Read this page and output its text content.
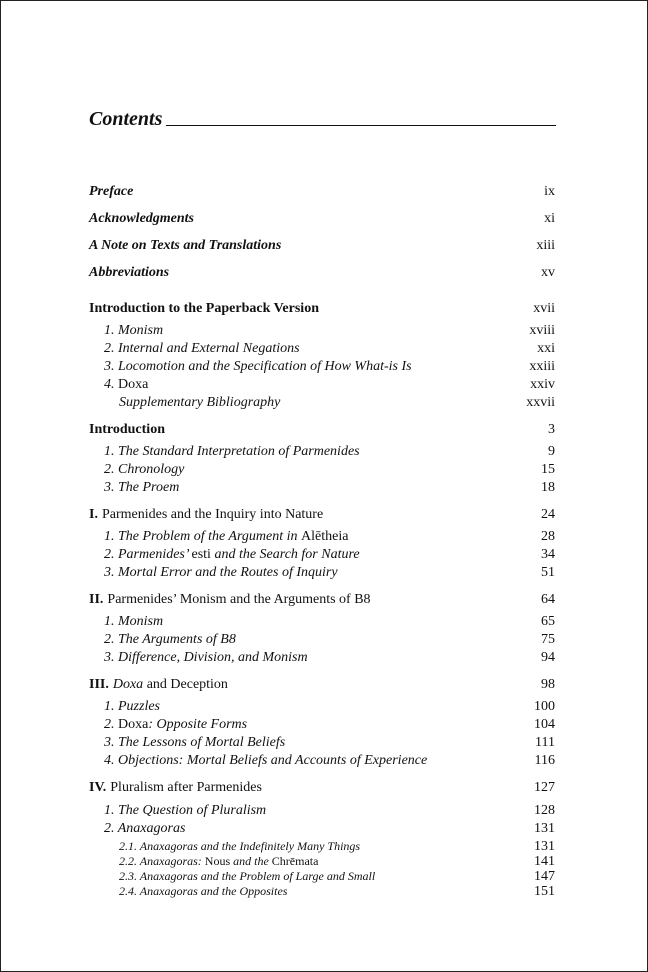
Contents
Preface	ix
Acknowledgments	xi
A Note on Texts and Translations	xiii
Abbreviations	xv
Introduction to the Paperback Version	xvii
1. Monism	xviii
2. Internal and External Negations	xxi
3. Locomotion and the Specification of How What-is Is	xxiii
4. Doxa	xxiv
Supplementary Bibliography	xxvii
Introduction	3
1. The Standard Interpretation of Parmenides	9
2. Chronology	15
3. The Proem	18
I. Parmenides and the Inquiry into Nature	24
1. The Problem of the Argument in Alētheia	28
2. Parmenides’ esti and the Search for Nature	34
3. Mortal Error and the Routes of Inquiry	51
II. Parmenides’ Monism and the Arguments of B8	64
1. Monism	65
2. The Arguments of B8	75
3. Difference, Division, and Monism	94
III. Doxa and Deception	98
1. Puzzles	100
2. Doxa: Opposite Forms	104
3. The Lessons of Mortal Beliefs	111
4. Objections: Mortal Beliefs and Accounts of Experience	116
IV. Pluralism after Parmenides	127
1. The Question of Pluralism	128
2. Anaxagoras	131
2.1. Anaxagoras and the Indefinitely Many Things	131
2.2. Anaxagoras: Nous and the Chrēmata	141
2.3. Anaxagoras and the Problem of Large and Small	147
2.4. Anaxagoras and the Opposites	151
